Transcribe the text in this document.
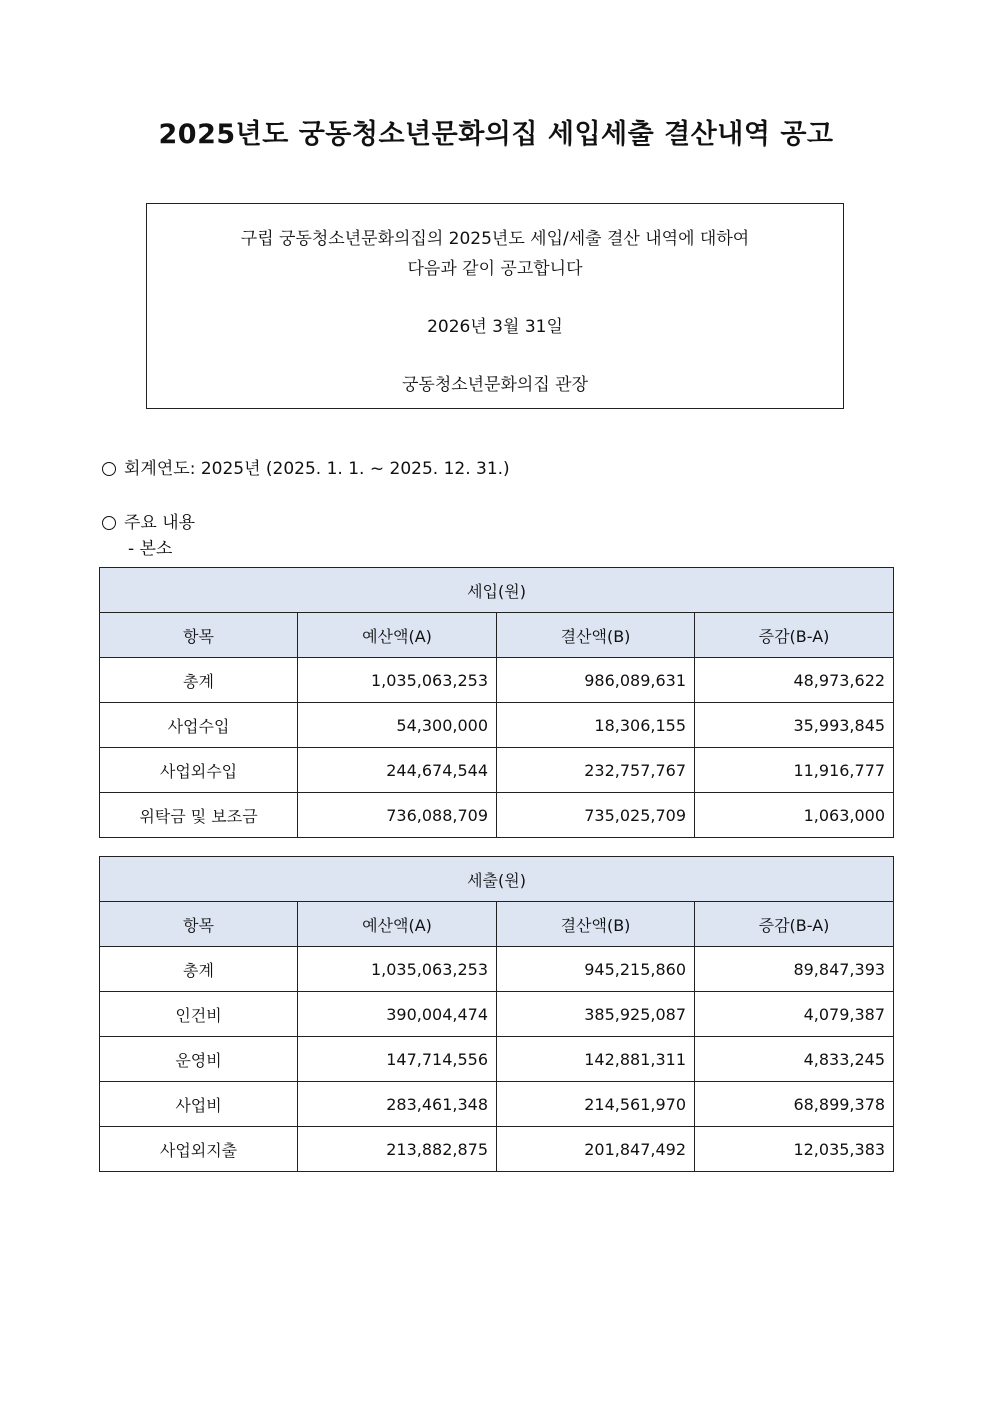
2025년도 궁동청소년문화의집 세입세출 결산내역 공고
구립 궁동청소년문화의집의 2025년도 세입/세출 결산 내역에 대하여
다음과 같이 공고합니다
2026년 3월 31일
궁동청소년문화의집 관장
회계연도: 2025년 (2025. 1. 1. ~ 2025. 12. 31.)
주요 내용
- 본소
세입(원)			
항목	예산액(A)	결산액(B)	증감(B-A)
총계	1,035,063,253	986,089,631	48,973,622
사업수입	54,300,000	18,306,155	35,993,845
사업외수입	244,674,544	232,757,767	11,916,777
위탁금 및 보조금	736,088,709	735,025,709	1,063,000
세출(원)			
항목	예산액(A)	결산액(B)	증감(B-A)
총계	1,035,063,253	945,215,860	89,847,393
인건비	390,004,474	385,925,087	4,079,387
운영비	147,714,556	142,881,311	4,833,245
사업비	283,461,348	214,561,970	68,899,378
사업외지출	213,882,875	201,847,492	12,035,383
